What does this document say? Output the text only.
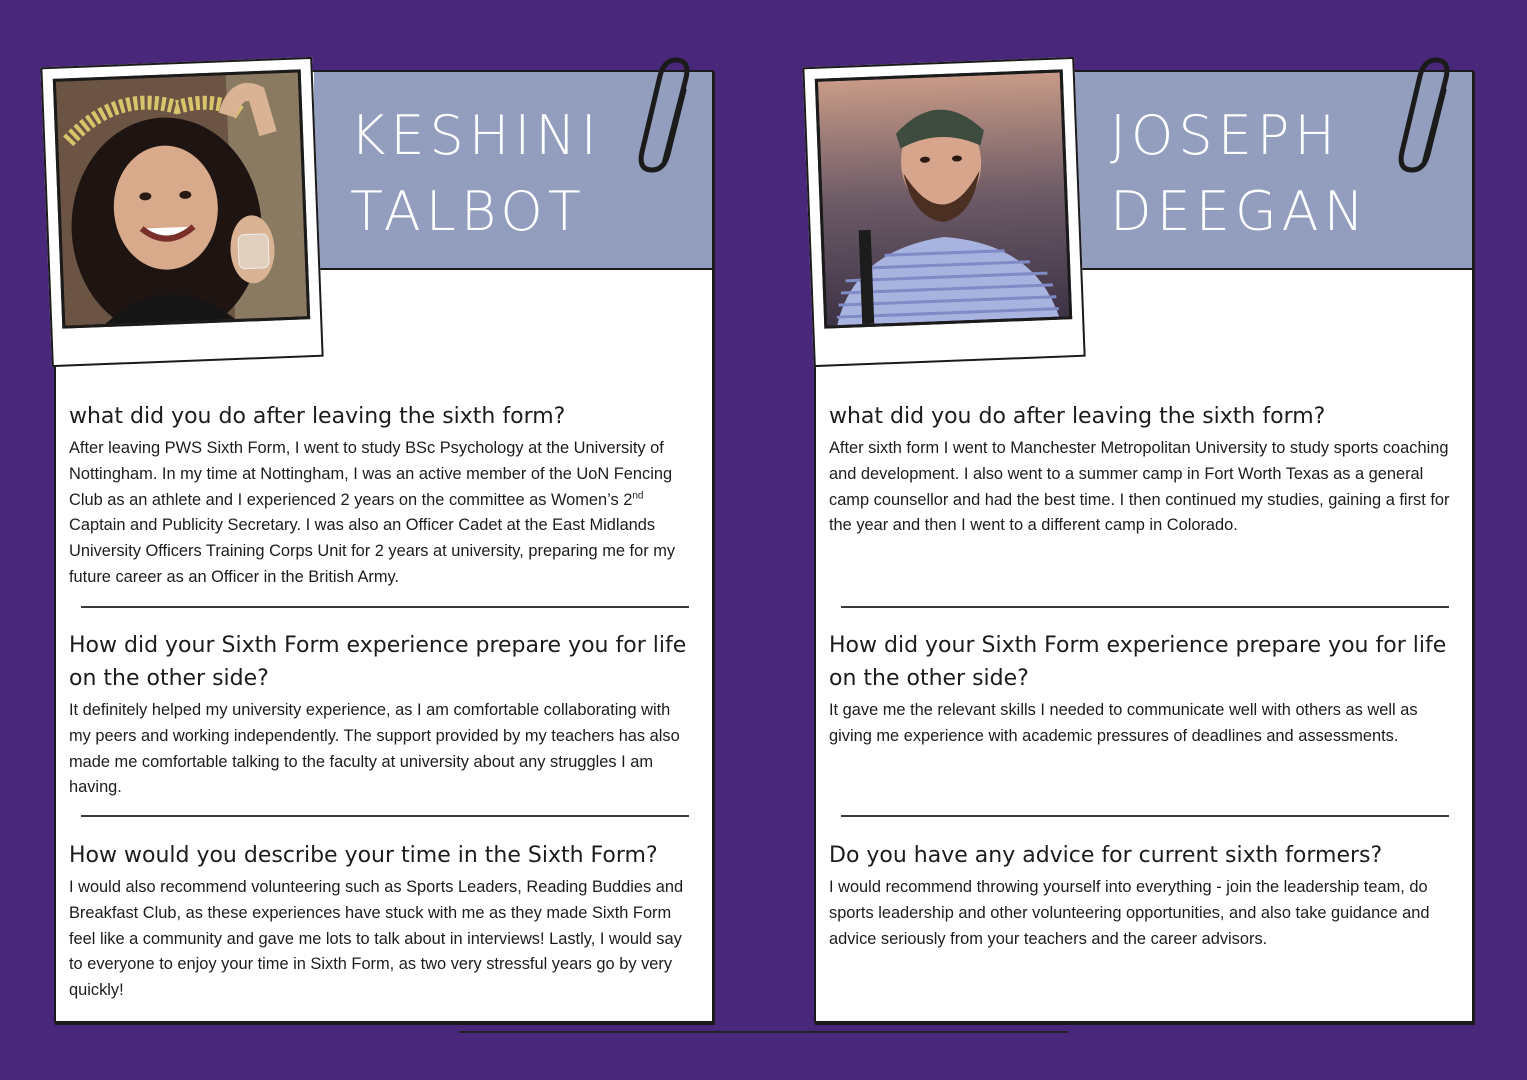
KESHINI
TALBOT

what did you do after leaving the sixth form?

After leaving PWS Sixth Form, I went to study BSc Psychology at the University of Nottingham. In my time at Nottingham, I was an active member of the UoN Fencing Club as an athlete and I experienced 2 years on the committee as Women’s 2nd Captain and Publicity Secretary. I was also an Officer Cadet at the East Midlands University Officers Training Corps Unit for 2 years at university, preparing me for my future career as an Officer in the British Army.

How did your Sixth Form experience prepare you for life on the other side?

It definitely helped my university experience, as I am comfortable collaborating with my peers and working independently. The support provided by my teachers has also made me comfortable talking to the faculty at university about any struggles I am having.

How would you describe your time in the Sixth Form?

I would also recommend volunteering such as Sports Leaders, Reading Buddies and Breakfast Club, as these experiences have stuck with me as they made Sixth Form feel like a community and gave me lots to talk about in interviews! Lastly, I would say to everyone to enjoy your time in Sixth Form, as two very stressful years go by very quickly!

JOSEPH
DEEGAN

what did you do after leaving the sixth form?

After sixth form I went to Manchester Metropolitan University to study sports coaching and development. I also went to a summer camp in Fort Worth Texas as a general camp counsellor and had the best time. I then continued my studies, gaining a first for the year and then I went to a different camp in Colorado.

How did your Sixth Form experience prepare you for life on the other side?

It gave me the relevant skills I needed to communicate well with others as well as giving me experience with academic pressures of deadlines and assessments.

Do you have any advice for current sixth formers?

I would recommend throwing yourself into everything - join the leadership team, do sports leadership and other volunteering opportunities, and also take guidance and advice seriously from your teachers and the career advisors.
